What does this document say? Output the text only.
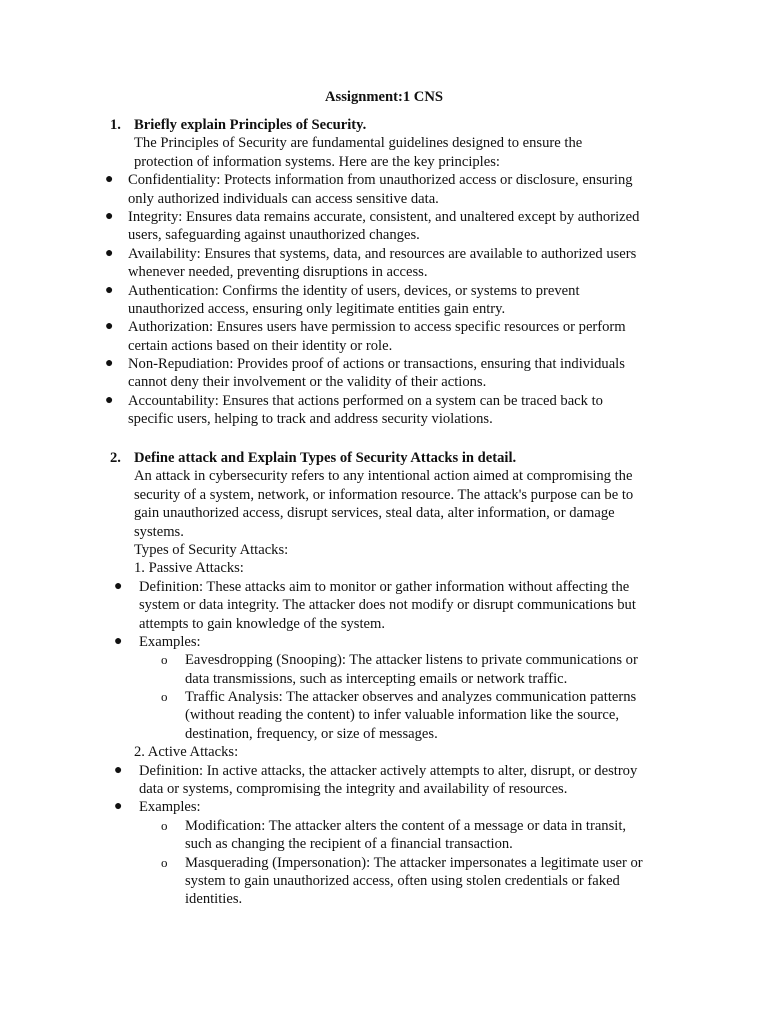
Assignment:1 CNS
1. Briefly explain Principles of Security.
The Principles of Security are fundamental guidelines designed to ensure the
protection of information systems. Here are the key principles:
● Confidentiality: Protects information from unauthorized access or disclosure, ensuring
only authorized individuals can access sensitive data.
● Integrity: Ensures data remains accurate, consistent, and unaltered except by authorized
users, safeguarding against unauthorized changes.
● Availability: Ensures that systems, data, and resources are available to authorized users
whenever needed, preventing disruptions in access.
● Authentication: Confirms the identity of users, devices, or systems to prevent
unauthorized access, ensuring only legitimate entities gain entry.
● Authorization: Ensures users have permission to access specific resources or perform
certain actions based on their identity or role.
● Non-Repudiation: Provides proof of actions or transactions, ensuring that individuals
cannot deny their involvement or the validity of their actions.
● Accountability: Ensures that actions performed on a system can be traced back to
specific users, helping to track and address security violations.
2. Define attack and Explain Types of Security Attacks in detail.
An attack in cybersecurity refers to any intentional action aimed at compromising the
security of a system, network, or information resource. The attack's purpose can be to
gain unauthorized access, disrupt services, steal data, alter information, or damage
systems.
Types of Security Attacks:
1. Passive Attacks:
● Definition: These attacks aim to monitor or gather information without affecting the
system or data integrity. The attacker does not modify or disrupt communications but
attempts to gain knowledge of the system.
● Examples:
o Eavesdropping (Snooping): The attacker listens to private communications or
data transmissions, such as intercepting emails or network traffic.
o Traffic Analysis: The attacker observes and analyzes communication patterns
(without reading the content) to infer valuable information like the source,
destination, frequency, or size of messages.
2. Active Attacks:
● Definition: In active attacks, the attacker actively attempts to alter, disrupt, or destroy
data or systems, compromising the integrity and availability of resources.
● Examples:
o Modification: The attacker alters the content of a message or data in transit,
such as changing the recipient of a financial transaction.
o Masquerading (Impersonation): The attacker impersonates a legitimate user or
system to gain unauthorized access, often using stolen credentials or faked
identities.
